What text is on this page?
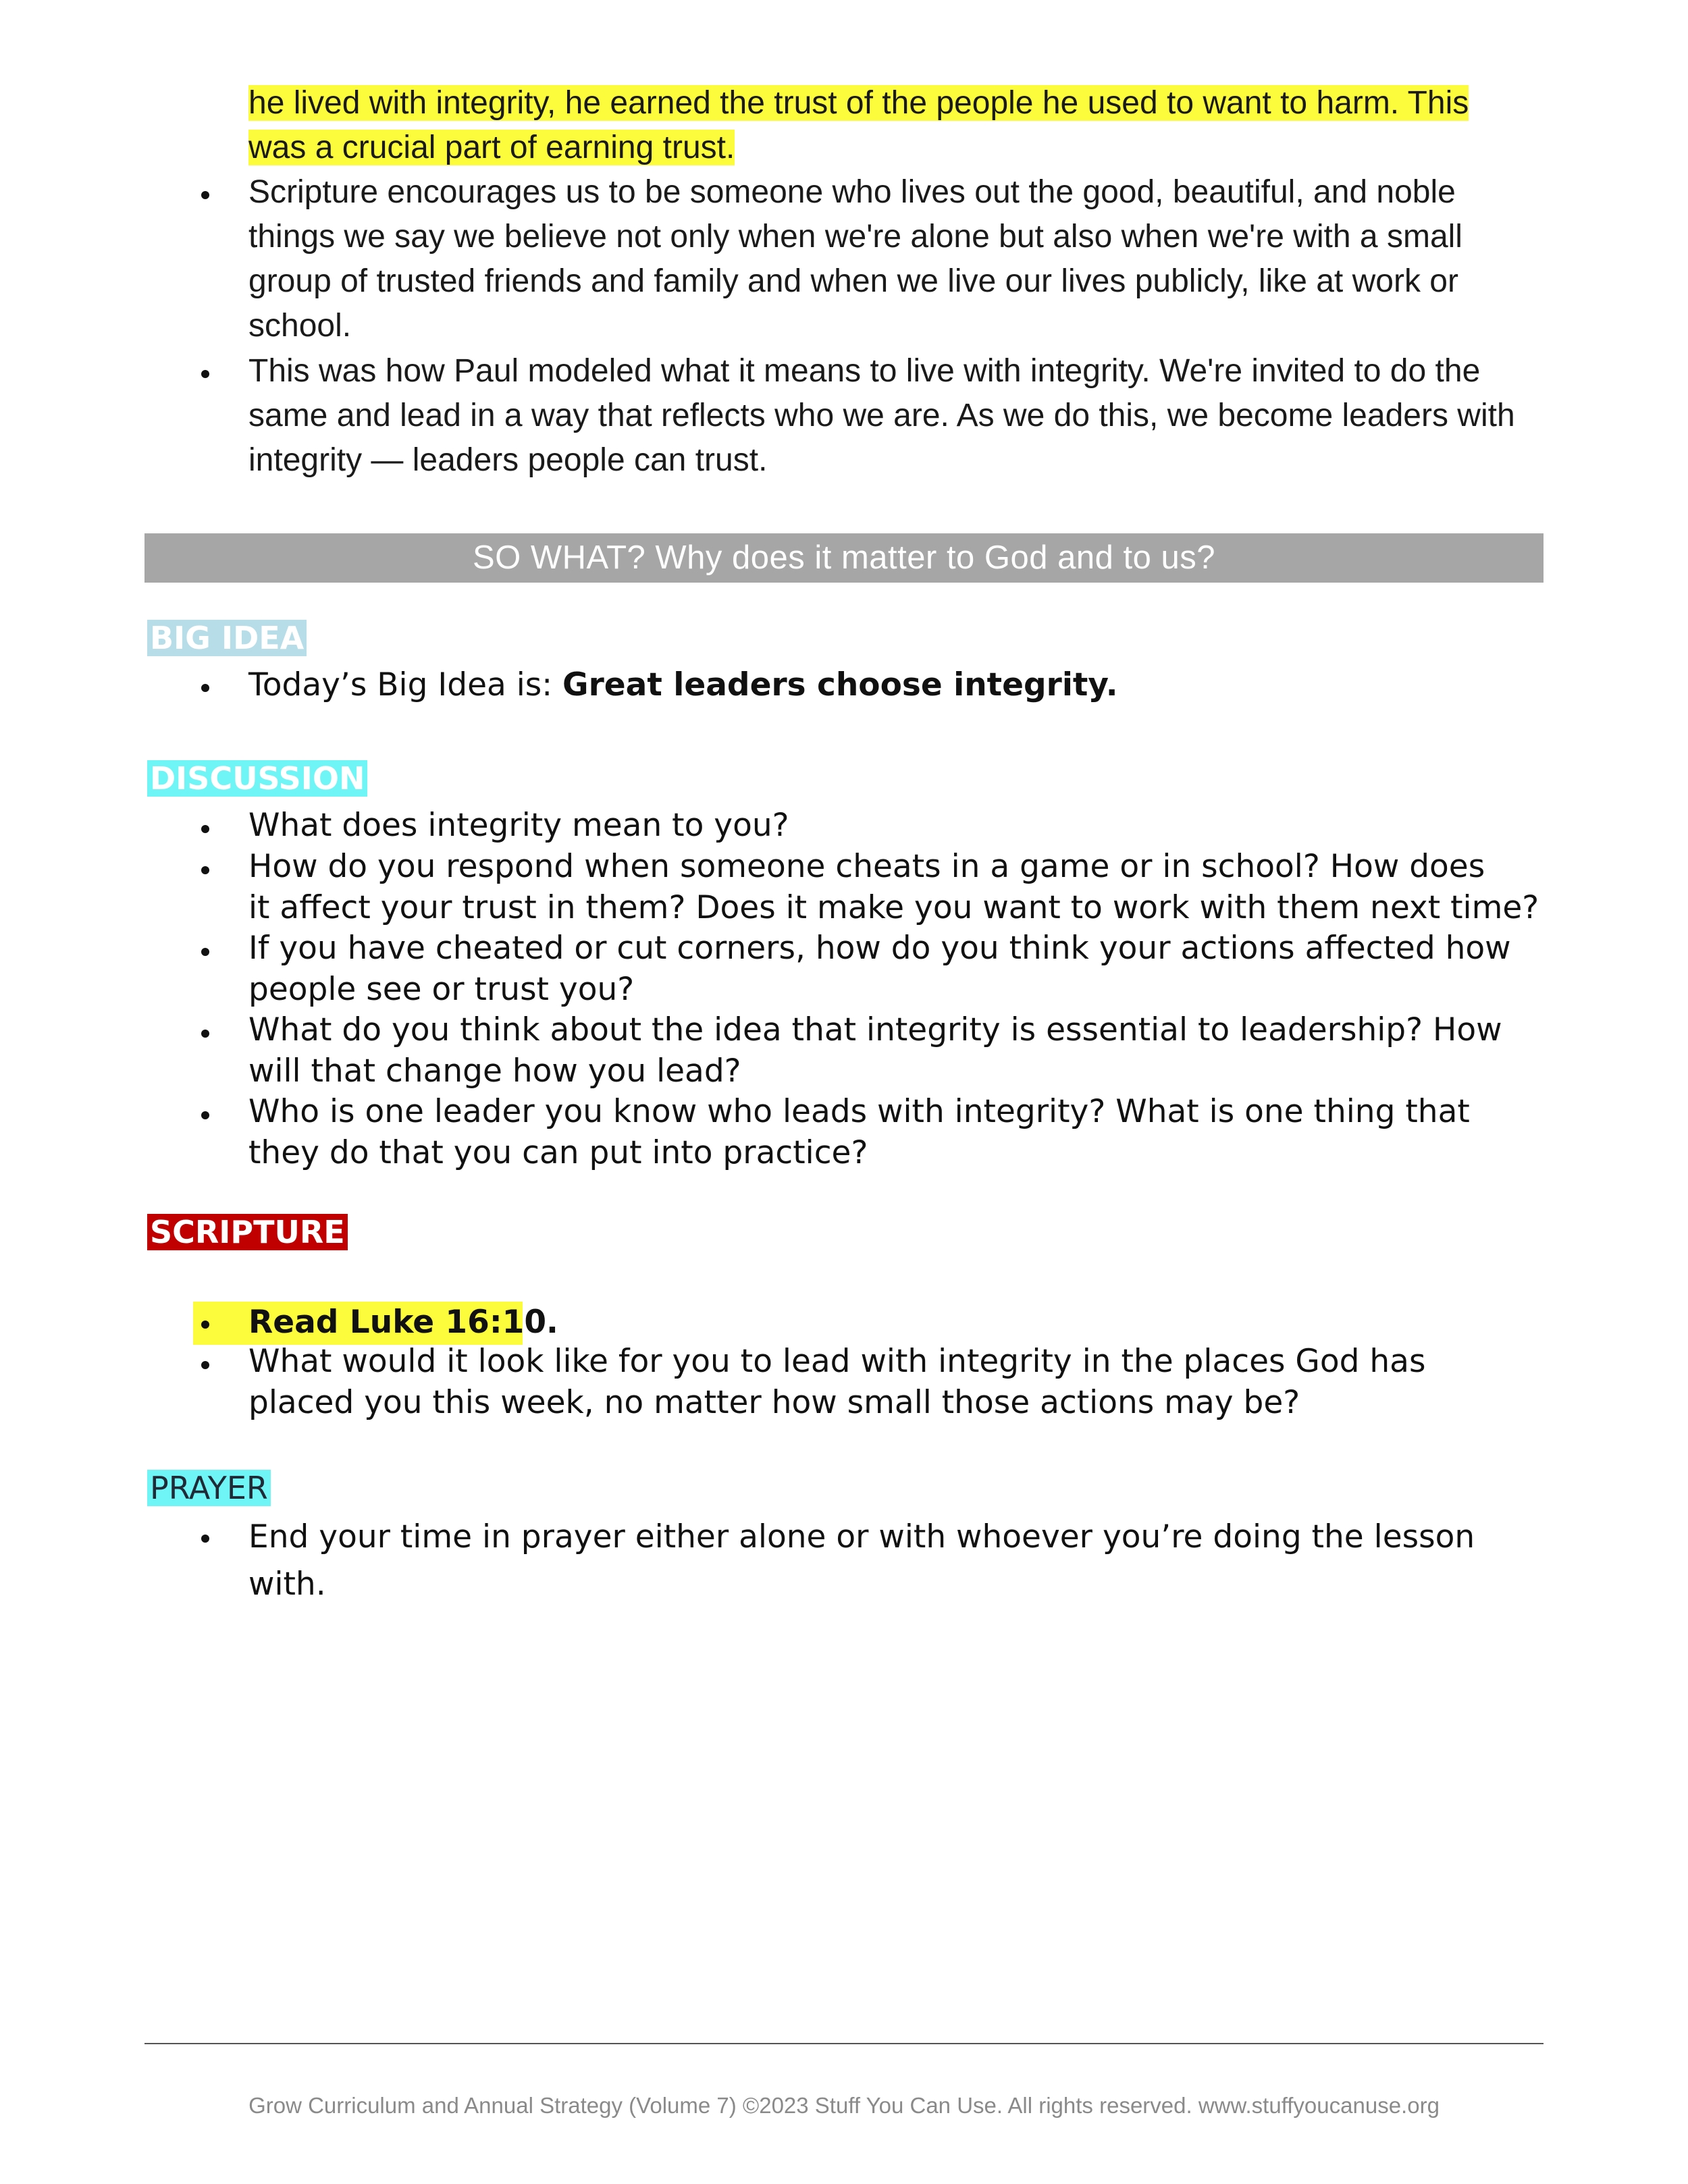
he lived with integrity, he earned the trust of the people he used to want to harm. This
was a crucial part of earning trust.
Scripture encourages us to be someone who lives out the good, beautiful, and noble
things we say we believe not only when we're alone but also when we're with a small
group of trusted friends and family and when we live our lives publicly, like at work or
school.
This was how Paul modeled what it means to live with integrity. We're invited to do the
same and lead in a way that reflects who we are. As we do this, we become leaders with
integrity — leaders people can trust.
SO WHAT? Why does it matter to God and to us?
BIG IDEA
Today’s Big Idea is: Great leaders choose integrity.
DISCUSSION
What does integrity mean to you?
How do you respond when someone cheats in a game or in school? How does
it affect your trust in them? Does it make you want to work with them next time?
If you have cheated or cut corners, how do you think your actions affected how
people see or trust you?
What do you think about the idea that integrity is essential to leadership? How
will that change how you lead?
Who is one leader you know who leads with integrity? What is one thing that
they do that you can put into practice?
SCRIPTURE
Read Luke 16:10.
What would it look like for you to lead with integrity in the places God has
placed you this week, no matter how small those actions may be?
PRAYER
End your time in prayer either alone or with whoever you’re doing the lesson
with.
Grow Curriculum and Annual Strategy (Volume 7) ©2023 Stuff You Can Use. All rights reserved. www.stuffyoucanuse.org
